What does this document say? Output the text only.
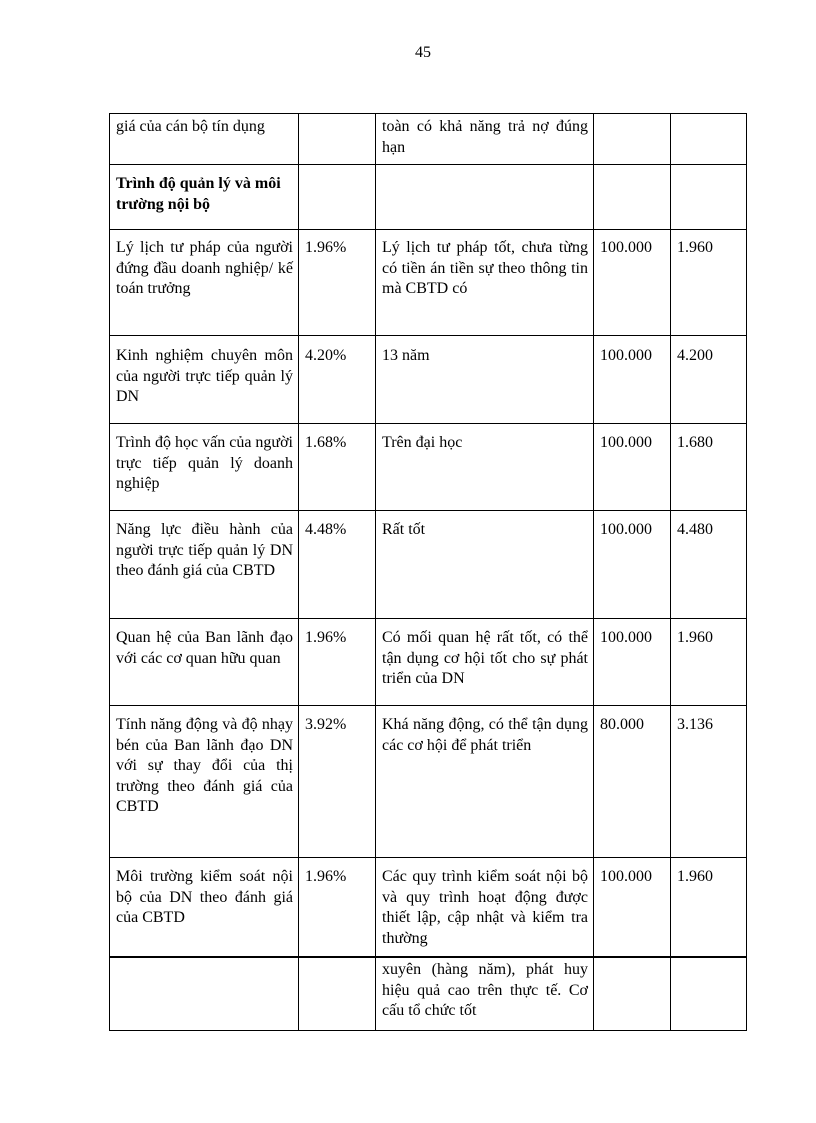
45
giá của cán bộ tín dụng		toàn có khả năng trả nợ đúng hạn		
Trình độ quản lý và môi trường nội bộ				
Lý lịch tư pháp của người đứng đầu doanh nghiệp/ kế toán trưởng	1.96%	Lý lịch tư pháp tốt, chưa từng có tiền án tiền sự theo thông tin mà CBTD có	100.000	1.960
Kinh nghiệm chuyên môn của người trực tiếp quản lý DN	4.20%	13 năm	100.000	4.200
Trình độ học vấn của người trực tiếp quản lý doanh nghiệp	1.68%	Trên đại học	100.000	1.680
Năng lực điều hành của người trực tiếp quản lý DN theo đánh giá của CBTD	4.48%	Rất tốt	100.000	4.480
Quan hệ của Ban lãnh đạo với các cơ quan hữu quan	1.96%	Có mối quan hệ rất tốt, có thể tận dụng cơ hội tốt cho sự phát triển của DN	100.000	1.960
Tính năng động và độ nhạy bén của Ban lãnh đạo DN với sự thay đổi của thị trường theo đánh giá của CBTD	3.92%	Khá năng động, có thể tận dụng các cơ hội để phát triển	80.000	3.136
Môi trường kiểm soát nội bộ của DN theo đánh giá của CBTD	1.96%	Các quy trình kiểm soát nội bộ và quy trình hoạt động được thiết lập, cập nhật và kiểm tra thường	100.000	1.960
		xuyên (hàng năm), phát huy hiệu quả cao trên thực tế. Cơ cấu tổ chức tốt		
